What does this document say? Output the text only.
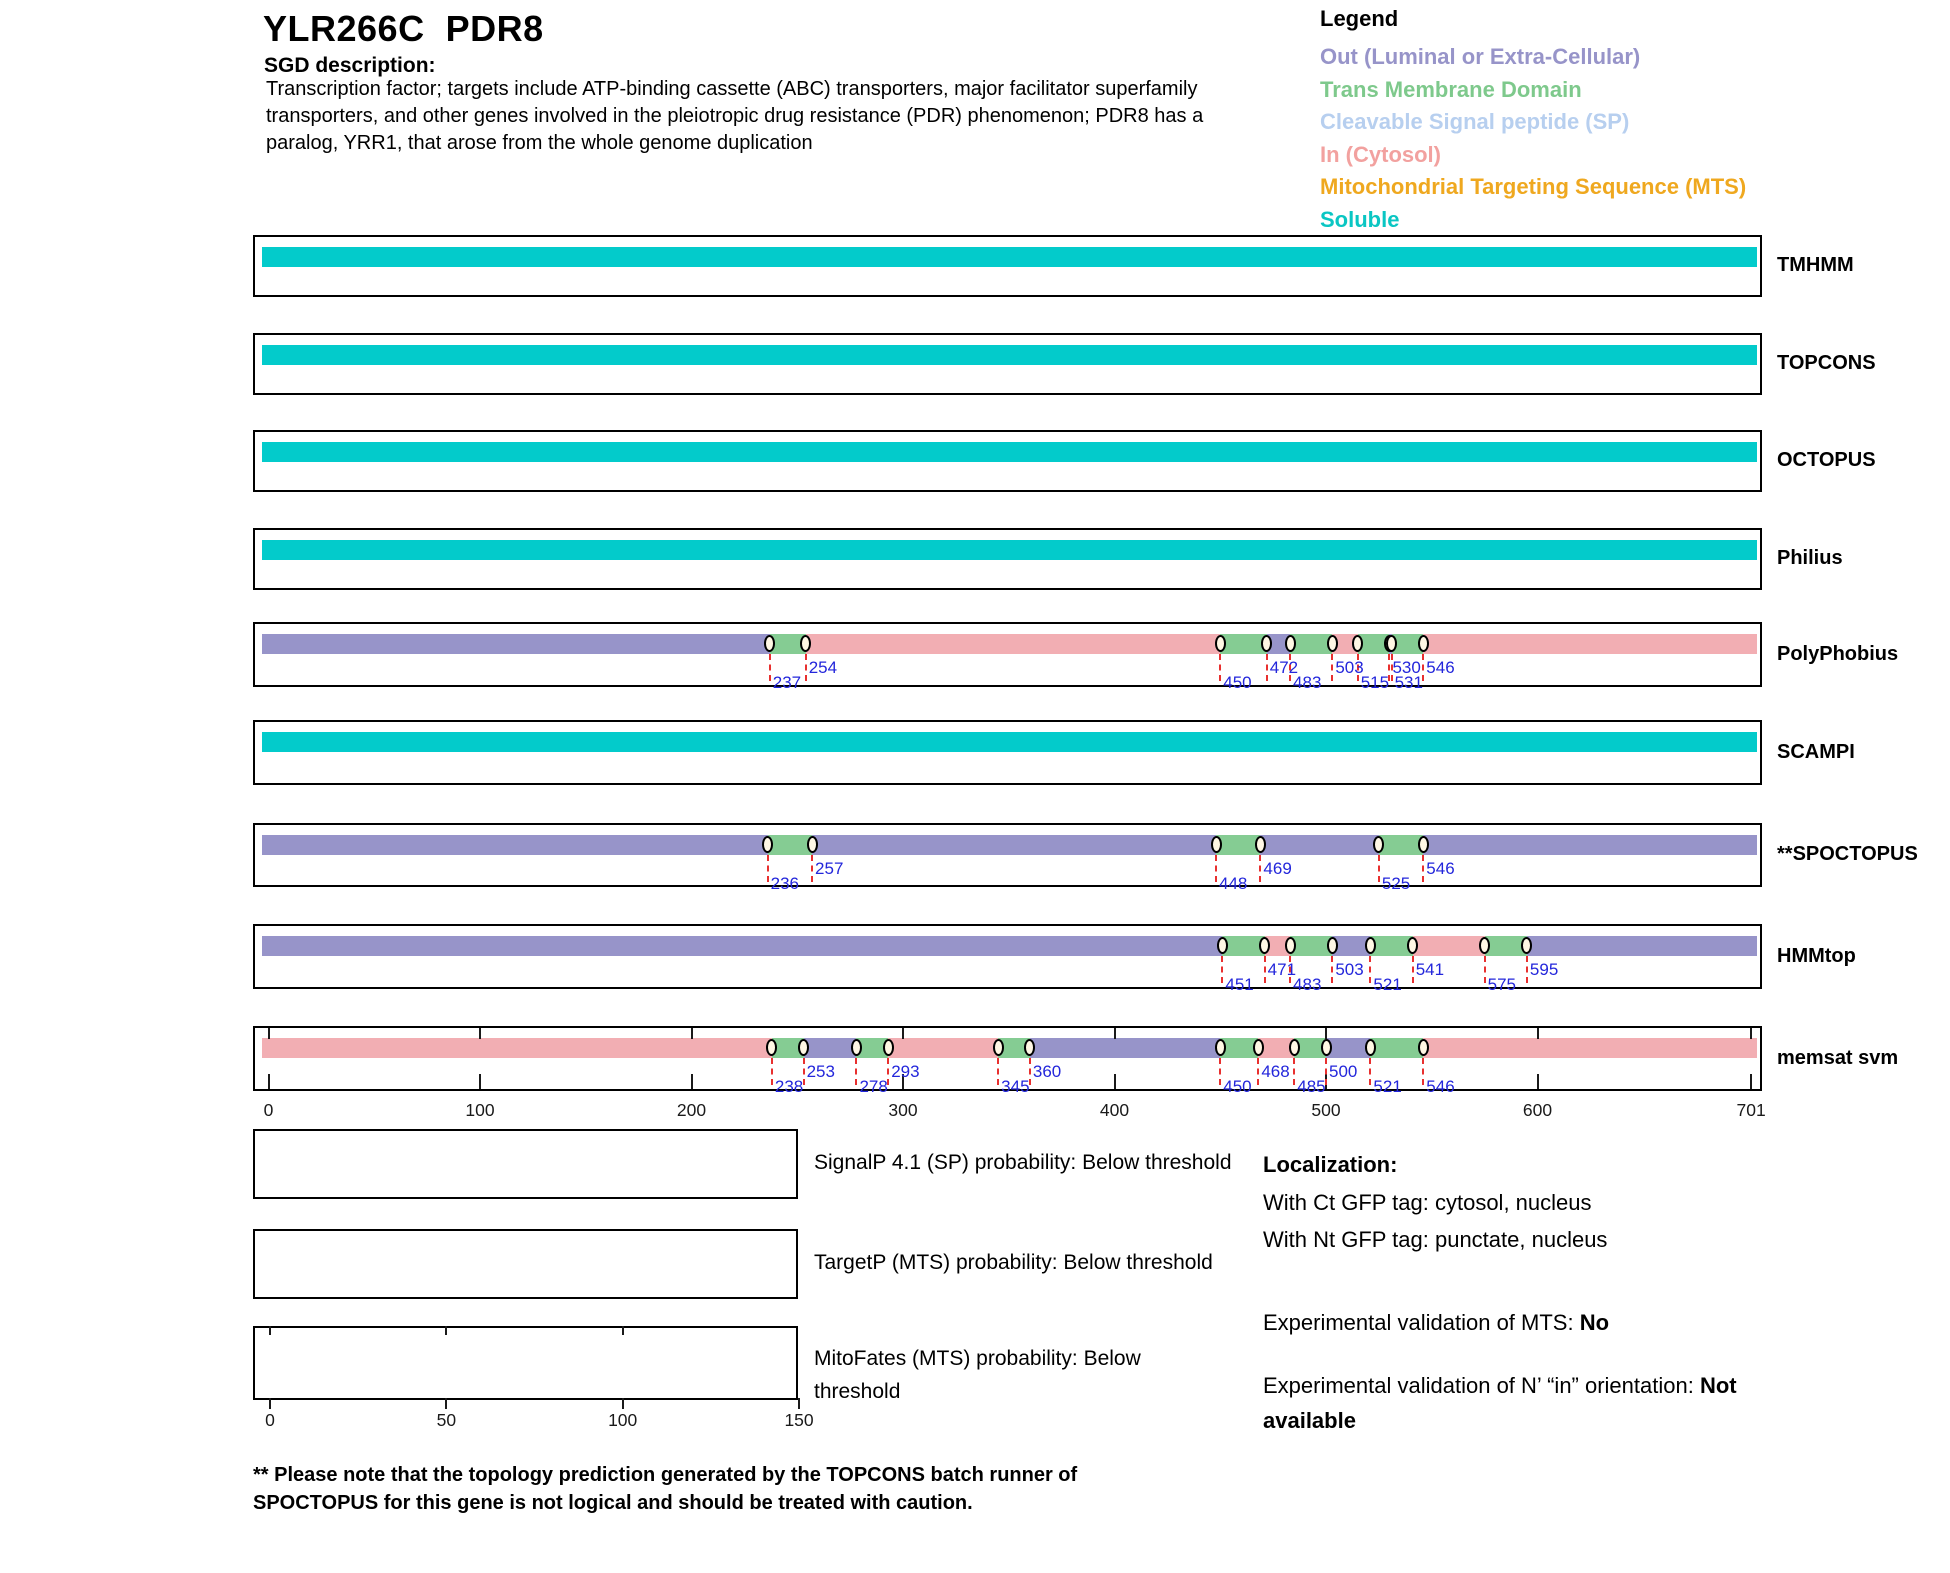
YLR266C  PDR8
SGD description:
Transcription factor; targets include ATP-binding cassette (ABC) transporters, major facilitator superfamily
transporters, and other genes involved in the pleiotropic drug resistance (PDR) phenomenon; PDR8 has a
paralog, YRR1, that arose from the whole genome duplication
Legend
Out (Luminal or Extra-Cellular)
Trans Membrane Domain
Cleavable Signal peptide (SP)
In (Cytosol)
Mitochondrial Targeting Sequence (MTS)
Soluble
TMHMM
TOPCONS
OCTOPUS
Philius
237
254
450
472
483
503
515
530
531
546
PolyPhobius
SCAMPI
236
257
448
469
525
546
**SPOCTOPUS
451
471
483
503
521
541
575
595
HMMtop
238
253
278
293
345
360
450
468
485
500
521 546
0	100	200	300	400	500	600	701
memsat svm
SignalP 4.1 (SP) probability: Below threshold
TargetP (MTS) probability: Below threshold
MitoFates (MTS) probability: Below threshold
0	50	100	150
Localization:
With Ct GFP tag: cytosol, nucleus
With Nt GFP tag: punctate, nucleus
Experimental validation of MTS: No
Experimental validation of N’ “in” orientation: Not available
** Please note that the topology prediction generated by the TOPCONS batch runner of
SPOCTOPUS for this gene is not logical and should be treated with caution.
